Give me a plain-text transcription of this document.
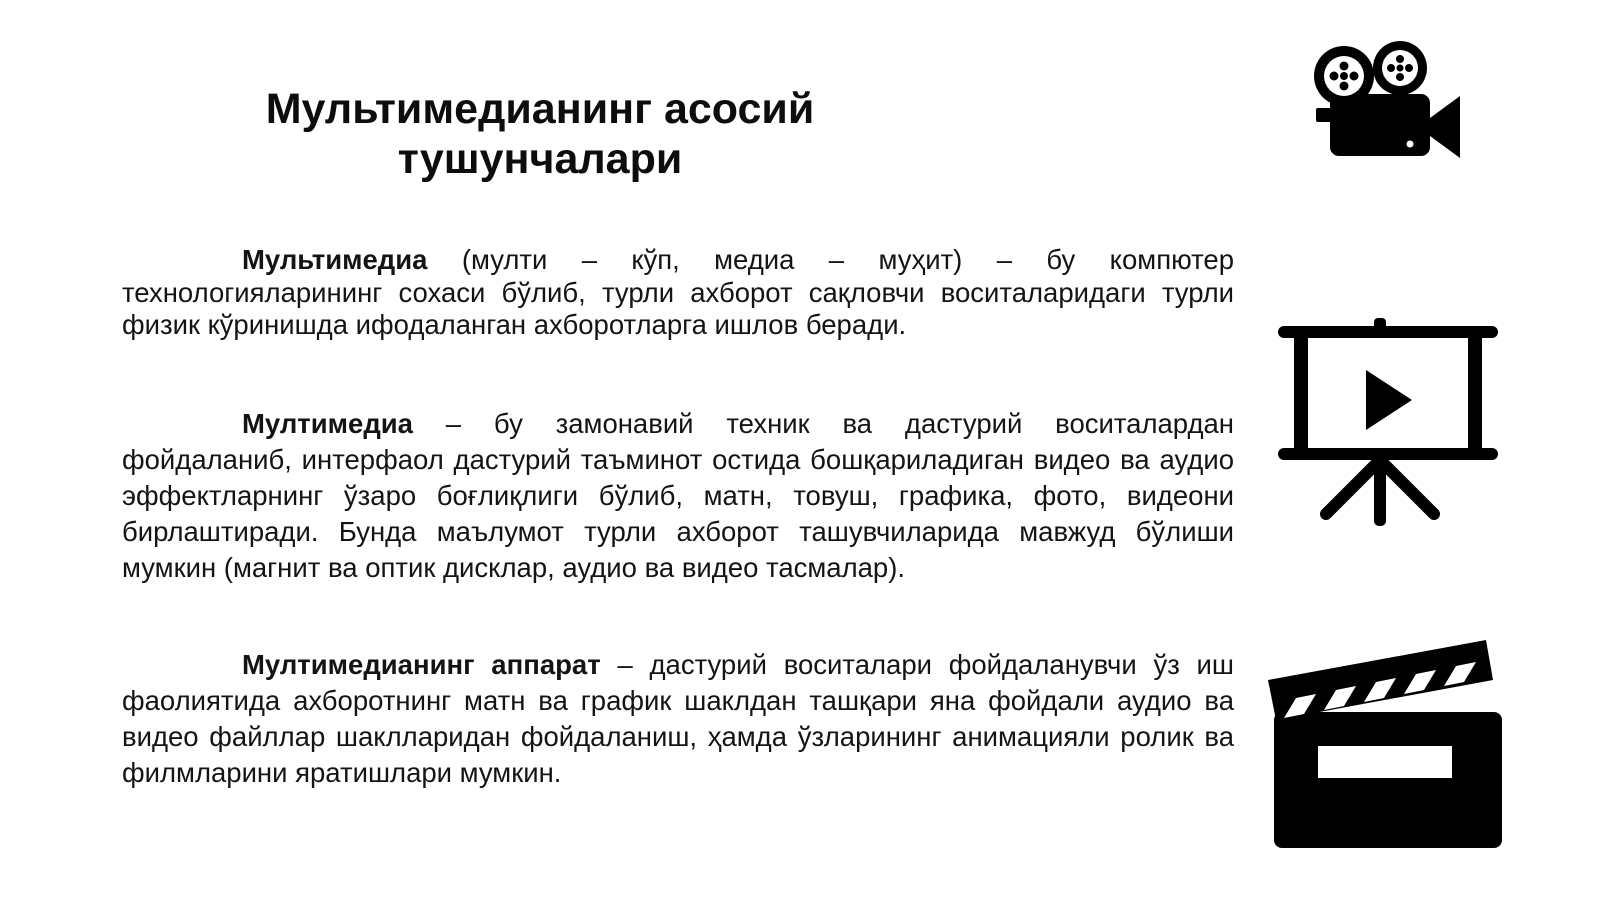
Мультимедианинг асосий
тушунчалари

Мультимедиа (мулти – кўп, медиа – муҳит) – бу компютер технологияларининг сохаси бўлиб, турли ахборот сақловчи воситаларидаги турли физик кўринишда ифодаланган ахборотларга ишлов беради.

Мултимедиа – бу замонавий техник ва дастурий воситалардан фойдаланиб, интерфаол дастурий таъминот остида бошқариладиган видео ва аудио эффектларнинг ўзаро боғлиқлиги бўлиб, матн, товуш, графика, фото, видеони бирлаштиради. Бунда маълумот турли ахборот ташувчиларида мавжуд бўлиши мумкин (магнит ва оптик дисклар, аудио ва видео тасмалар).

Мултимедианинг аппарат – дастурий воситалари фойдаланувчи ўз иш фаолиятида ахборотнинг матн ва график шаклдан ташқари яна фойдали аудио ва видео файллар шаклларидан фойдаланиш, ҳамда ўзларининг анимацияли ролик ва филмларини яратишлари мумкин.
